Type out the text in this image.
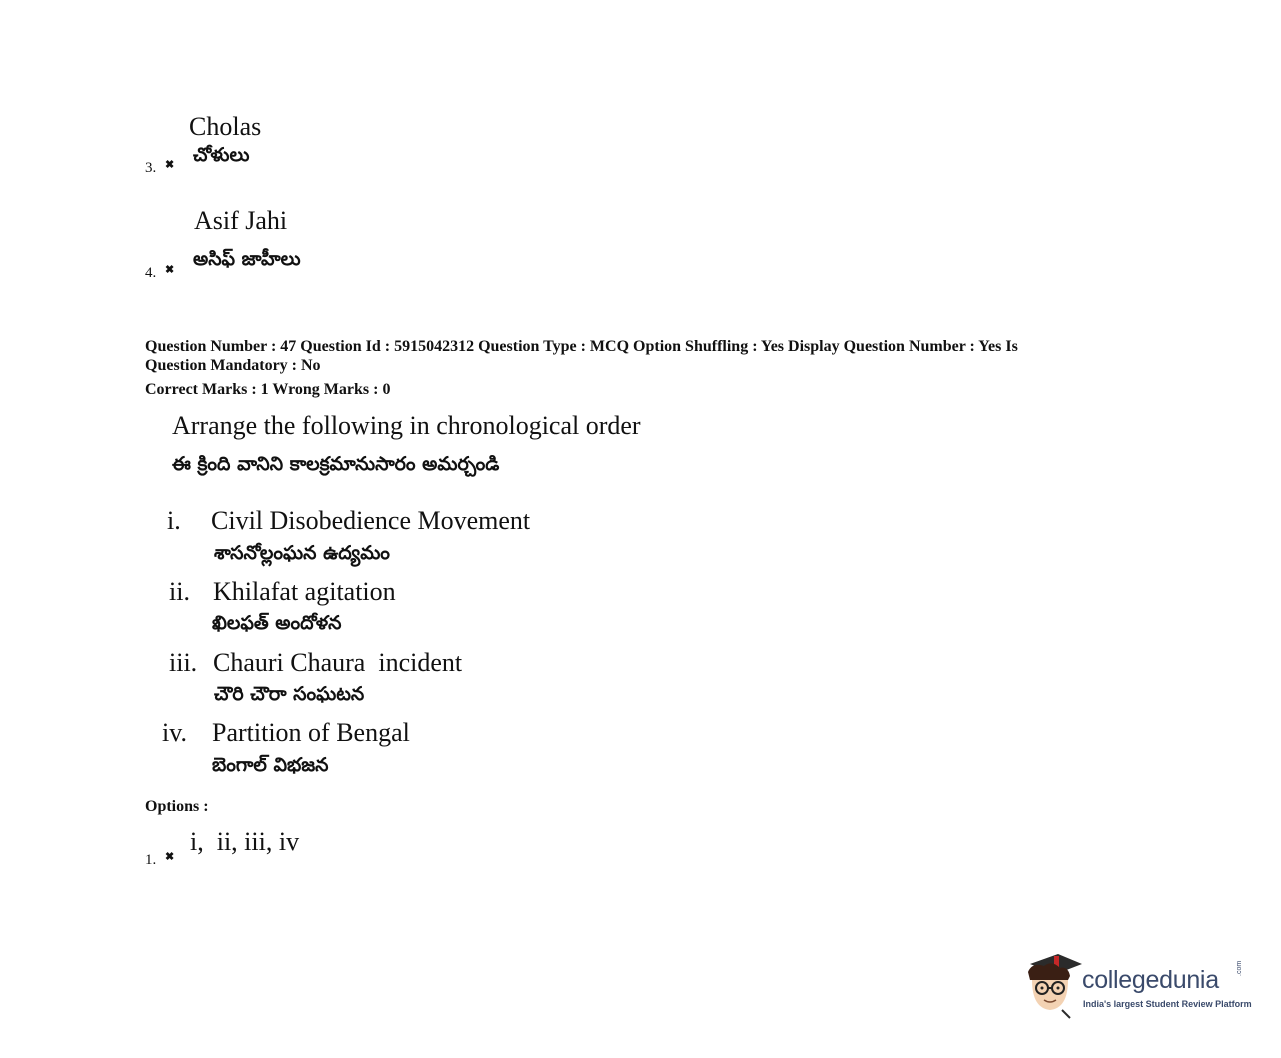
Cholas
చోళులు
3. ✖
Asif Jahi
అసిఫ్ జాహీలు
4. ✖
Question Number : 47 Question Id : 5915042312 Question Type : MCQ Option Shuffling : Yes Display Question Number : Yes Is
Question Mandatory : No
Correct Marks : 1 Wrong Marks : 0
Arrange the following in chronological order
ఈ క్రింది వానిని కాలక్రమానుసారం అమర్చండి
i. Civil Disobedience Movement
శాసనోల్లంఘన ఉద్యమం
ii. Khilafat agitation
ఖిలఫత్ అందోళన
iii. Chauri Chaura  incident
చౌరి చౌరా సంఘటన
iv. Partition of Bengal
బెంగాల్ విభజన
Options :
i,  ii, iii, iv
1. ✖
collegedunia .com
India's largest Student Review Platform
